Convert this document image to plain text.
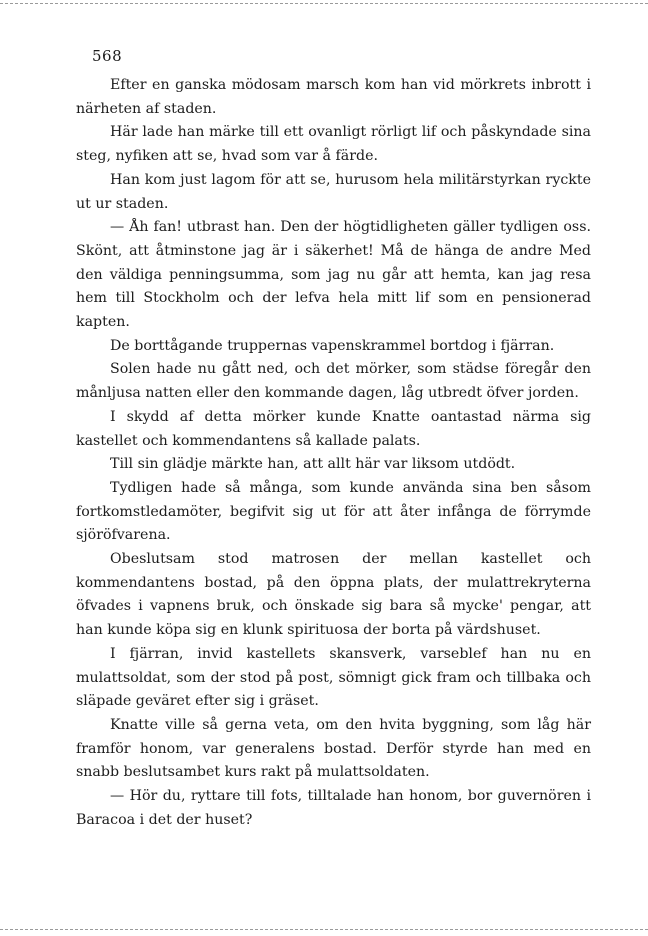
568

Efter en ganska mödosam marsch kom han vid mörkrets inbrott i närheten af staden.

Här lade han märke till ett ovanligt rörligt lif och påskyndade sina steg, nyfiken att se, hvad som var å färde.

Han kom just lagom för att se, hurusom hela militärstyrkan ryckte ut ur staden.

— Åh fan! utbrast han. Den der högtidligheten gäller tydligen oss. Skönt, att åtminstone jag är i säkerhet! Må de hänga de andre Med den väldiga penningsumma, som jag nu går att hemta, kan jag resa hem till Stockholm och der lefva hela mitt lif som en pensionerad kapten.

De borttågande truppernas vapenskrammel bortdog i fjärran.

Solen hade nu gått ned, och det mörker, som städse föregår den månljusa natten eller den kommande dagen, låg utbredt öfver jorden.

I skydd af detta mörker kunde Knatte oantastad närma sig kastellet och kommendantens så kallade palats.

Till sin glädje märkte han, att allt här var liksom utdödt.

Tydligen hade så många, som kunde använda sina ben såsom fortkomstledamöter, begifvit sig ut för att åter infånga de förrymde sjöröfvarena.

Obeslutsam stod matrosen der mellan kastellet och kommendantens bostad, på den öppna plats, der mulattrekryterna öfvades i vapnens bruk, och önskade sig bara så mycke' pengar, att han kunde köpa sig en klunk spirituosa der borta på värdshuset.

I fjärran, invid kastellets skansverk, varseblef han nu en mulattsoldat, som der stod på post, sömnigt gick fram och tillbaka och släpade geväret efter sig i gräset.

Knatte ville så gerna veta, om den hvita byggning, som låg här framför honom, var generalens bostad. Derför styrde han med en snabb beslutsambet kurs rakt på mulattsoldaten.

— Hör du, ryttare till fots, tilltalade han honom, bor guvernören i Baracoa i det der huset?
